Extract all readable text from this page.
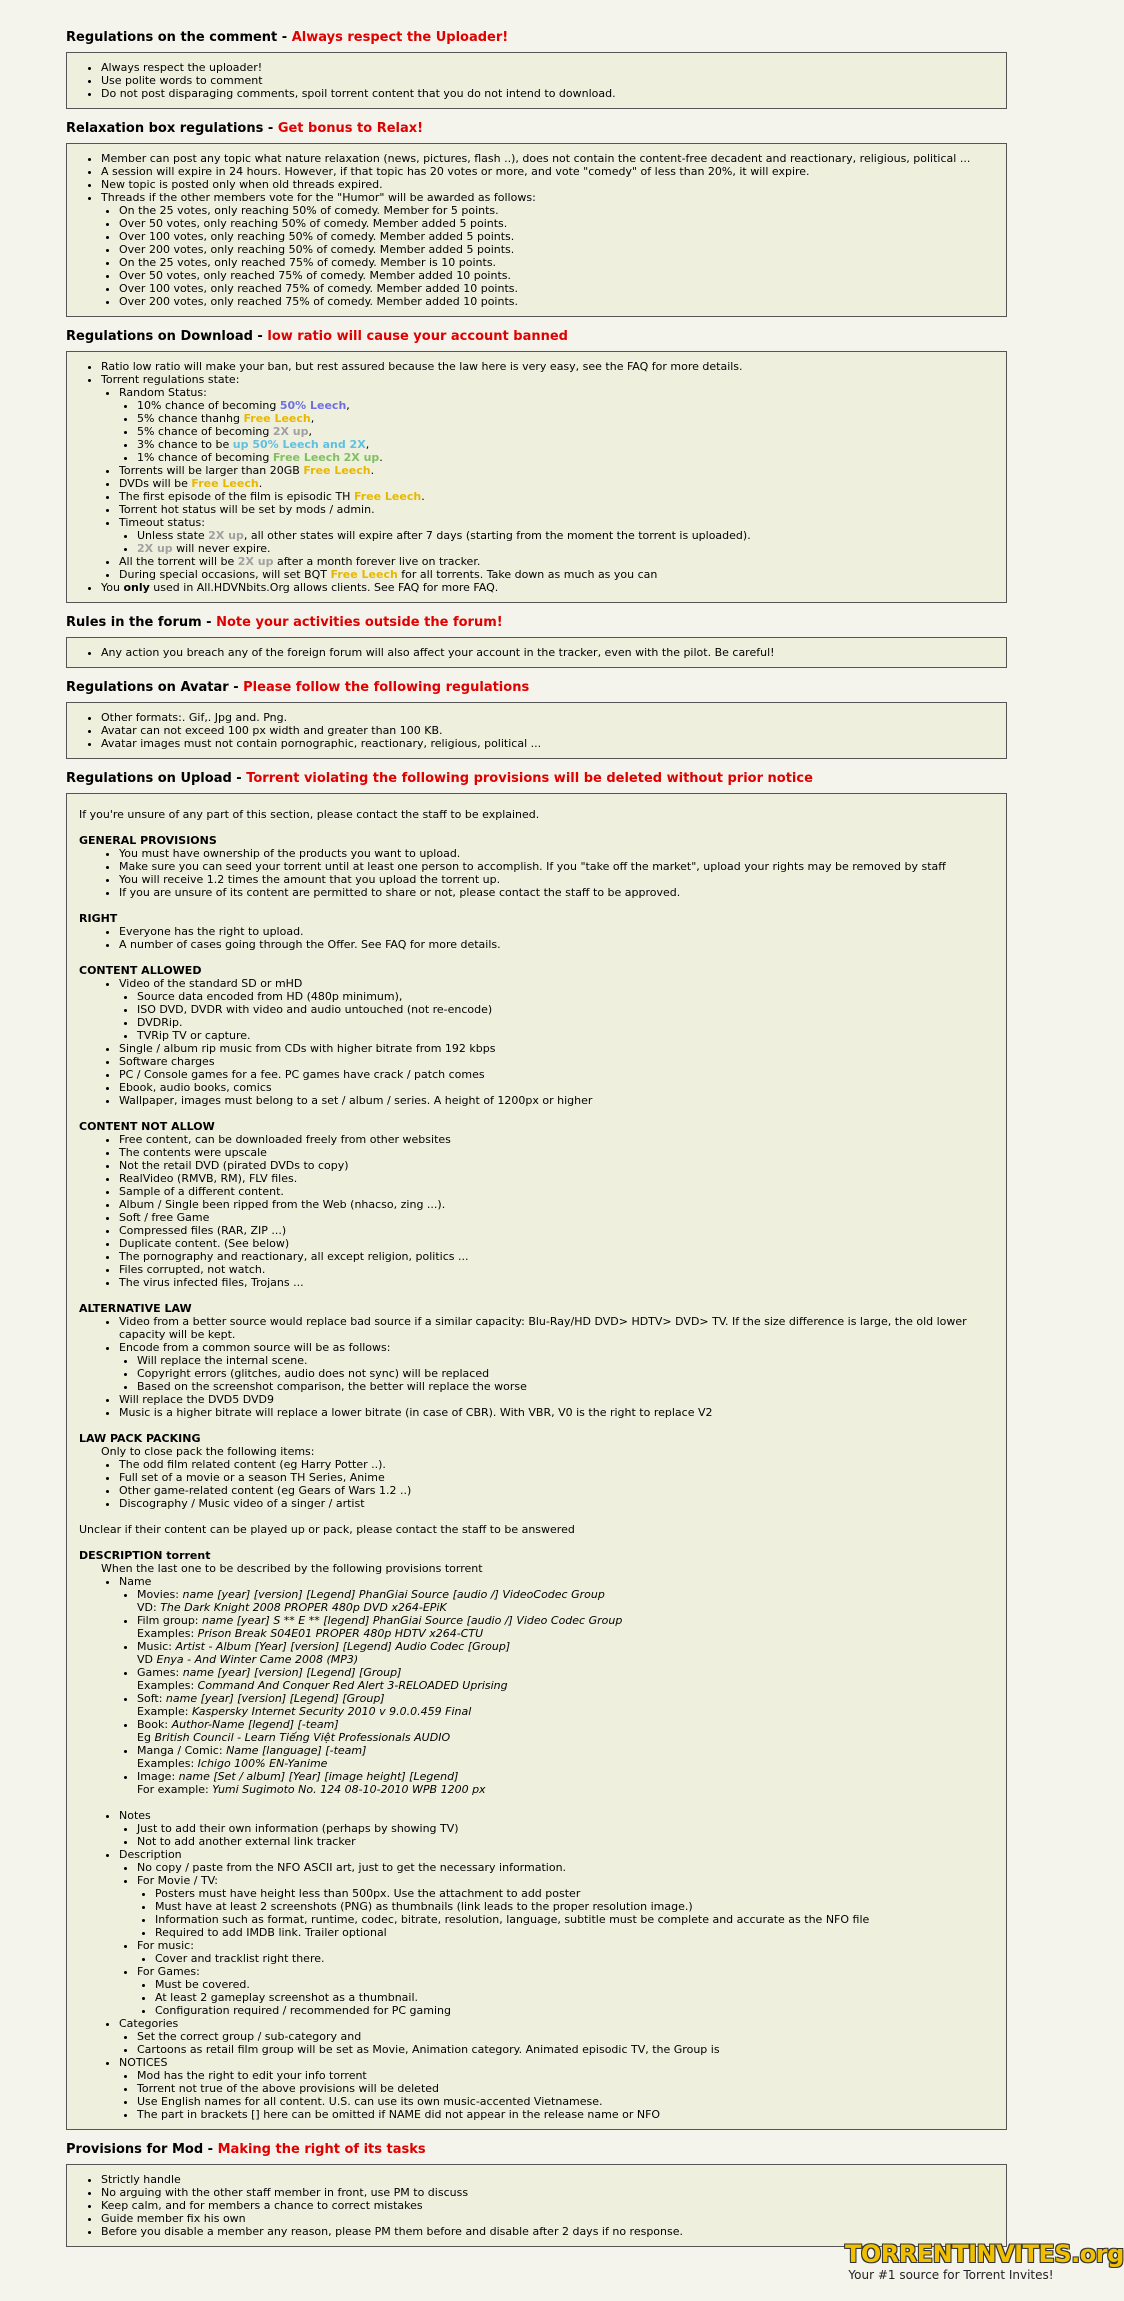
Regulations on the comment - Always respect the Uploader!
• Always respect the uploader!
• Use polite words to comment
• Do not post disparaging comments, spoil torrent content that you do not intend to download.
Relaxation box regulations - Get bonus to Relax!
• Member can post any topic what nature relaxation (news, pictures, flash ..), does not contain the content-free decadent and reactionary, religious, political ...
• A session will expire in 24 hours. However, if that topic has 20 votes or more, and vote "comedy" of less than 20%, it will expire.
• New topic is posted only when old threads expired.
• Threads if the other members vote for the "Humor" will be awarded as follows:
• On the 25 votes, only reaching 50% of comedy. Member for 5 points.
• Over 50 votes, only reaching 50% of comedy. Member added 5 points.
• Over 100 votes, only reaching 50% of comedy. Member added 5 points.
• Over 200 votes, only reaching 50% of comedy. Member added 5 points.
• On the 25 votes, only reached 75% of comedy. Member is 10 points.
• Over 50 votes, only reached 75% of comedy. Member added 10 points.
• Over 100 votes, only reached 75% of comedy. Member added 10 points.
• Over 200 votes, only reached 75% of comedy. Member added 10 points.
Regulations on Download - low ratio will cause your account banned
• Ratio low ratio will make your ban, but rest assured because the law here is very easy, see the FAQ for more details.
• Torrent regulations state:
• Random Status:
• 10% chance of becoming 50% Leech,
• 5% chance thanhg Free Leech,
• 5% chance of becoming 2X up,
• 3% chance to be up 50% Leech and 2X,
• 1% chance of becoming Free Leech 2X up.
• Torrents will be larger than 20GB Free Leech.
• DVDs will be Free Leech.
• The first episode of the film is episodic TH Free Leech.
• Torrent hot status will be set by mods / admin.
• Timeout status:
• Unless state 2X up, all other states will expire after 7 days (starting from the moment the torrent is uploaded).
• 2X up will never expire.
• All the torrent will be 2X up after a month forever live on tracker.
• During special occasions, will set BQT Free Leech for all torrents. Take down as much as you can
• You only used in All.HDVNbits.Org allows clients. See FAQ for more FAQ.
Rules in the forum - Note your activities outside the forum!
• Any action you breach any of the foreign forum will also affect your account in the tracker, even with the pilot. Be careful!
Regulations on Avatar - Please follow the following regulations
• Other formats:. Gif,. Jpg and. Png.
• Avatar can not exceed 100 px width and greater than 100 KB.
• Avatar images must not contain pornographic, reactionary, religious, political ...
Regulations on Upload - Torrent violating the following provisions will be deleted without prior notice

If you're unsure of any part of this section, please contact the staff to be explained.

GENERAL PROVISIONS
• You must have ownership of the products you want to upload.
• Make sure you can seed your torrent until at least one person to accomplish. If you "take off the market", upload your rights may be removed by staff
• You will receive 1.2 times the amount that you upload the torrent up.
• If you are unsure of its content are permitted to share or not, please contact the staff to be approved.
RIGHT
• Everyone has the right to upload.
• A number of cases going through the Offer. See FAQ for more details.
CONTENT ALLOWED
• Video of the standard SD or mHD
• Source data encoded from HD (480p minimum),
• ISO DVD, DVDR with video and audio untouched (not re-encode)
• DVDRip.
• TVRip TV or capture.
• Single / album rip music from CDs with higher bitrate from 192 kbps
• Software charges
• PC / Console games for a fee. PC games have crack / patch comes
• Ebook, audio books, comics
• Wallpaper, images must belong to a set / album / series. A height of 1200px or higher
CONTENT NOT ALLOW
• Free content, can be downloaded freely from other websites
• The contents were upscale
• Not the retail DVD (pirated DVDs to copy)
• RealVideo (RMVB, RM), FLV files.
• Sample of a different content.
• Album / Single been ripped from the Web (nhacso, zing ...).
• Soft / free Game
• Compressed files (RAR, ZIP ...)
• Duplicate content. (See below)
• The pornography and reactionary, all except religion, politics ...
• Files corrupted, not watch.
• The virus infected files, Trojans ...
ALTERNATIVE LAW
• Video from a better source would replace bad source if a similar capacity: Blu-Ray/HD DVD> HDTV> DVD> TV. If the size difference is large, the old lower capacity will be kept.
• Encode from a common source will be as follows:
• Will replace the internal scene.
• Copyright errors (glitches, audio does not sync) will be replaced
• Based on the screenshot comparison, the better will replace the worse
• Will replace the DVD5 DVD9
• Music is a higher bitrate will replace a lower bitrate (in case of CBR). With VBR, V0 is the right to replace V2
LAW PACK PACKING
Only to close pack the following items:
• The odd film related content (eg Harry Potter ..).
• Full set of a movie or a season TH Series, Anime
• Other game-related content (eg Gears of Wars 1.2 ..)
• Discography / Music video of a singer / artist

Unclear if their content can be played up or pack, please contact the staff to be answered

DESCRIPTION torrent
When the last one to be described by the following provisions torrent
• Name
• Movies: name [year] [version] [Legend] PhanGiai Source [audio /] VideoCodec Group
VD: The Dark Knight 2008 PROPER 480p DVD x264-EPiK
• Film group: name [year] S ** E ** [legend] PhanGiai Source [audio /] Video Codec Group
Examples: Prison Break S04E01 PROPER 480p HDTV x264-CTU
• Music: Artist - Album [Year] [version] [Legend] Audio Codec [Group]
VD Enya - And Winter Came 2008 (MP3)
• Games: name [year] [version] [Legend] [Group]
Examples: Command And Conquer Red Alert 3-RELOADED Uprising
• Soft: name [year] [version] [Legend] [Group]
Example: Kaspersky Internet Security 2010 v 9.0.0.459 Final
• Book: Author-Name [legend] [-team]
Eg British Council - Learn Tiếng Việt Professionals AUDIO
• Manga / Comic: Name [language] [-team]
Examples: Ichigo 100% EN-Yanime
• Image: name [Set / album] [Year] [image height] [Legend]
For example: Yumi Sugimoto No. 124 08-10-2010 WPB 1200 px
• Notes
• Just to add their own information (perhaps by showing TV)
• Not to add another external link tracker
• Description
• No copy / paste from the NFO ASCII art, just to get the necessary information.
• For Movie / TV:
• Posters must have height less than 500px. Use the attachment to add poster
• Must have at least 2 screenshots (PNG) as thumbnails (link leads to the proper resolution image.)
• Information such as format, runtime, codec, bitrate, resolution, language, subtitle must be complete and accurate as the NFO file
• Required to add IMDB link. Trailer optional
• For music:
• Cover and tracklist right there.
• For Games:
• Must be covered.
• At least 2 gameplay screenshot as a thumbnail.
• Configuration required / recommended for PC gaming
• Categories
• Set the correct group / sub-category and
• Cartoons as retail film group will be set as Movie, Animation category. Animated episodic TV, the Group is
• NOTICES
• Mod has the right to edit your info torrent
• Torrent not true of the above provisions will be deleted
• Use English names for all content. U.S. can use its own music-accented Vietnamese.
• The part in brackets [] here can be omitted if NAME did not appear in the release name or NFO
Provisions for Mod - Making the right of its tasks
• Strictly handle
• No arguing with the other staff member in front, use PM to discuss
• Keep calm, and for members a chance to correct mistakes
• Guide member fix his own
• Before you disable a member any reason, please PM them before and disable after 2 days if no response.
TORRENTINVITES.org
Your #1 source for Torrent Invites!
